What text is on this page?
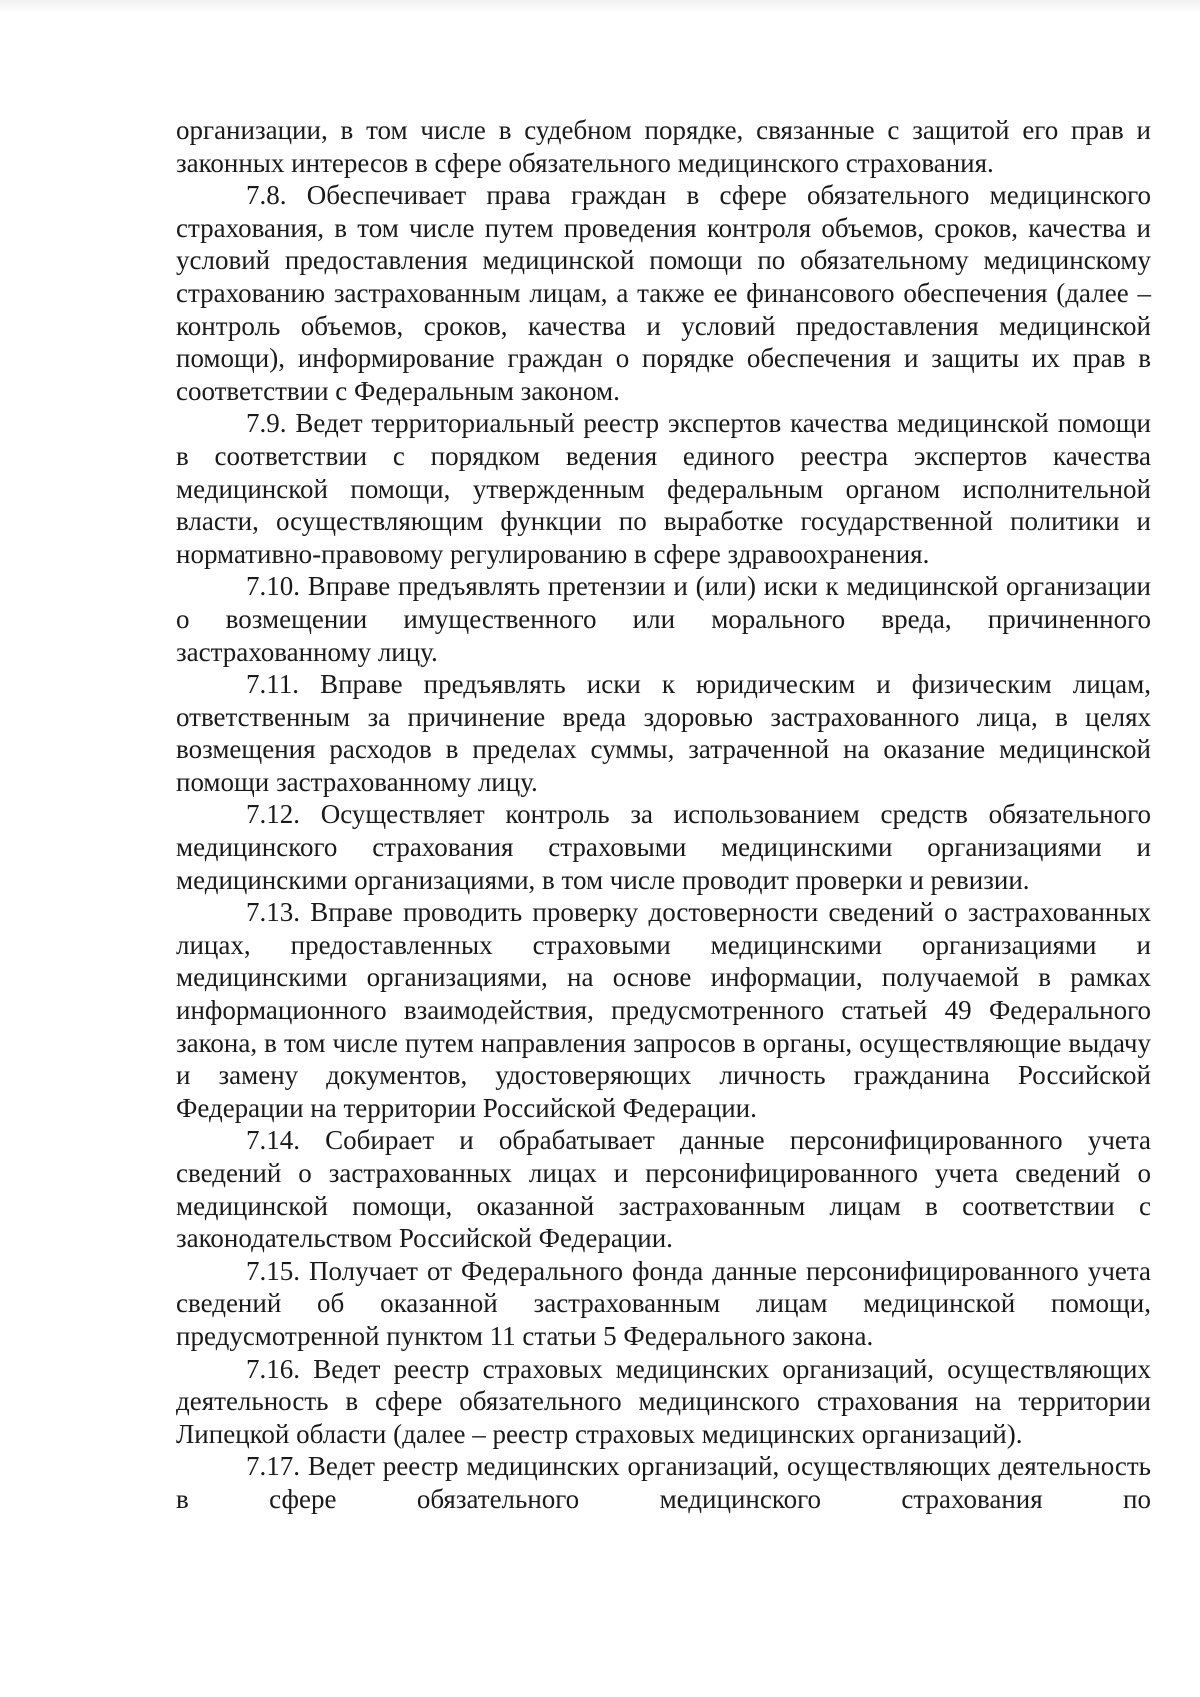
организации, в том числе в судебном порядке, связанные с защитой его прав и законных интересов в сфере обязательного медицинского страхования.

7.8. Обеспечивает права граждан в сфере обязательного медицинского страхования, в том числе путем проведения контроля объемов, сроков, качества и условий предоставления медицинской помощи по обязательному медицинскому страхованию застрахованным лицам, а также ее финансового обеспечения (далее – контроль объемов, сроков, качества и условий предоставления медицинской помощи), информирование граждан о порядке обеспечения и защиты их прав в соответствии с Федеральным законом.

7.9. Ведет территориальный реестр экспертов качества медицинской помощи в соответствии с порядком ведения единого реестра экспертов качества медицинской помощи, утвержденным федеральным органом исполнительной власти, осуществляющим функции по выработке государственной политики и нормативно-правовому регулированию в сфере здравоохранения.

7.10. Вправе предъявлять претензии и (или) иски к медицинской организации о возмещении имущественного или морального вреда, причиненного застрахованному лицу.

7.11. Вправе предъявлять иски к юридическим и физическим лицам, ответственным за причинение вреда здоровью застрахованного лица, в целях возмещения расходов в пределах суммы, затраченной на оказание медицинской помощи застрахованному лицу.

7.12. Осуществляет контроль за использованием средств обязательного медицинского страхования страховыми медицинскими организациями и медицинскими организациями, в том числе проводит проверки и ревизии.

7.13. Вправе проводить проверку достоверности сведений о застрахованных лицах, предоставленных страховыми медицинскими организациями и медицинскими организациями, на основе информации, получаемой в рамках информационного взаимодействия, предусмотренного статьей 49 Федерального закона, в том числе путем направления запросов в органы, осуществляющие выдачу и замену документов, удостоверяющих личность гражданина Российской Федерации на территории Российской Федерации.

7.14. Собирает и обрабатывает данные персонифицированного учета сведений о застрахованных лицах и персонифицированного учета сведений о медицинской помощи, оказанной застрахованным лицам в соответствии с законодательством Российской Федерации.

7.15. Получает от Федерального фонда данные персонифицированного учета сведений об оказанной застрахованным лицам медицинской помощи, предусмотренной пунктом 11 статьи 5 Федерального закона.

7.16. Ведет реестр страховых медицинских организаций, осуществляющих деятельность в сфере обязательного медицинского страхования на территории Липецкой области (далее – реестр страховых медицинских организаций).

7.17. Ведет реестр медицинских организаций, осуществляющих деятельность в сфере обязательного медицинского страхования по
